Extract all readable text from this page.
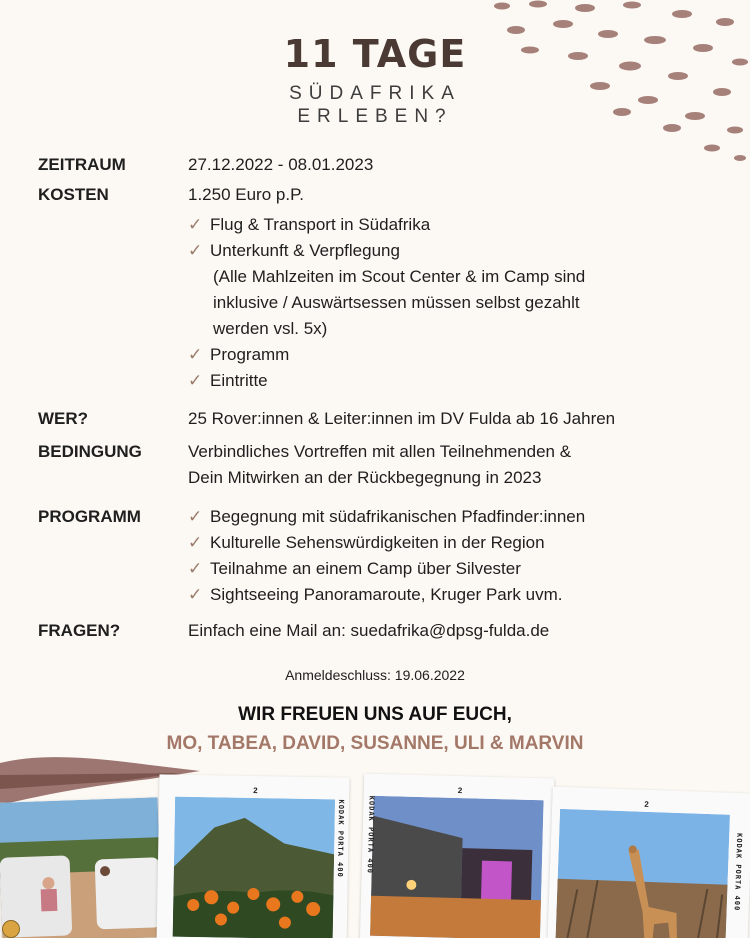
11 TAGE
SÜDAFRIKA
ERLEBEN?
ZEITRAUM	27.12.2022 - 08.01.2023
KOSTEN	1.250 Euro p.P.
✓ Flug & Transport in Südafrika
✓ Unterkunft & Verpflegung
(Alle Mahlzeiten im Scout Center & im Camp sind
inklusive / Auswärtsessen müssen selbst gezahlt
werden vsl. 5x)
✓ Programm
✓ Eintritte
WER?	25 Rover:innen & Leiter:innen im DV Fulda ab 16 Jahren
BEDINGUNG	Verbindliches Vortreffen mit allen Teilnehmenden &
Dein Mitwirken an der Rückbegegnung in 2023
PROGRAMM	✓ Begegnung mit südafrikanischen Pfadfinder:innen
✓ Kulturelle Sehenswürdigkeiten in der Region
✓ Teilnahme an einem Camp über Silvester
✓ Sightseeing Panoramaroute, Kruger Park uvm.
FRAGEN?	Einfach eine Mail an: suedafrika@dpsg-fulda.de
Anmeldeschluss: 19.06.2022
WIR FREUEN UNS AUF EUCH,
MO, TABEA, DAVID, SUSANNE, ULI & MARVIN
2
KODAK PORTA 400
2
KODAK PORTA 400	2
KODAK PORTA 400
